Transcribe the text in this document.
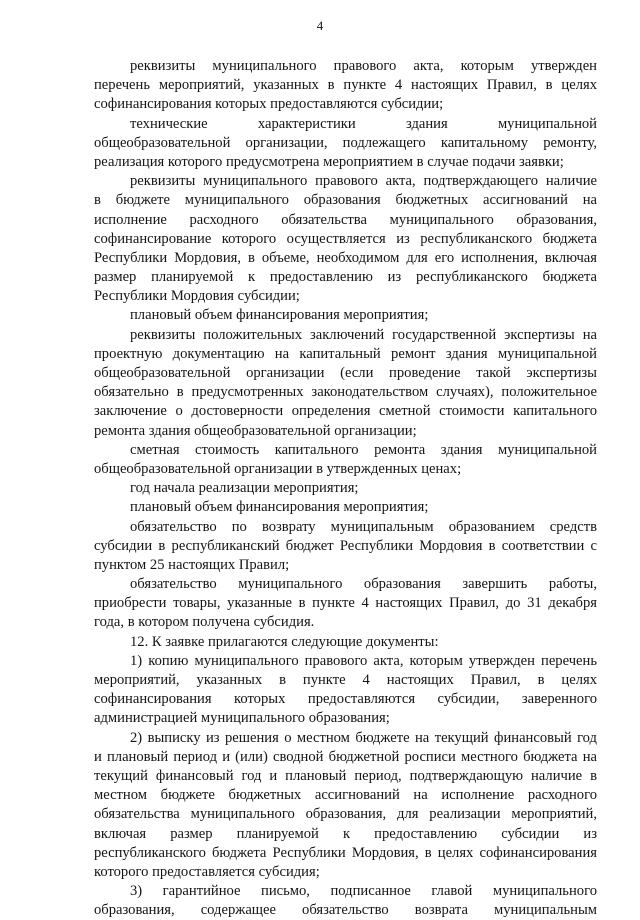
4
реквизиты муниципального правового акта, которым утвержден
перечень мероприятий, указанных в пункте 4 настоящих Правил, в целях
софинансирования которых предоставляются субсидии;
технические характеристики здания муниципальной
общеобразовательной организации, подлежащего капитальному ремонту,
реализация которого предусмотрена мероприятием в случае подачи заявки;
реквизиты муниципального правового акта, подтверждающего наличие
в бюджете муниципального образования бюджетных ассигнований на
исполнение расходного обязательства муниципального образования,
софинансирование которого осуществляется из республиканского бюджета
Республики Мордовия, в объеме, необходимом для его исполнения, включая
размер планируемой к предоставлению из республиканского бюджета
Республики Мордовия субсидии;
плановый объем финансирования мероприятия;
реквизиты положительных заключений государственной экспертизы на
проектную документацию на капитальный ремонт здания муниципальной
общеобразовательной организации (если проведение такой экспертизы
обязательно в предусмотренных законодательством случаях), положительное
заключение о достоверности определения сметной стоимости капитального
ремонта здания общеобразовательной организации;
сметная стоимость капитального ремонта здания муниципальной
общеобразовательной организации в утвержденных ценах;
год начала реализации мероприятия;
плановый объем финансирования мероприятия;
обязательство по возврату муниципальным образованием средств
субсидии в республиканский бюджет Республики Мордовия в соответствии с
пунктом 25 настоящих Правил;
обязательство муниципального образования завершить работы,
приобрести товары, указанные в пункте 4 настоящих Правил, до 31 декабря
года, в котором получена субсидия.
12. К заявке прилагаются следующие документы:
1) копию муниципального правового акта, которым утвержден перечень
мероприятий, указанных в пункте 4 настоящих Правил, в целях
софинансирования которых предоставляются субсидии, заверенного
администрацией муниципального образования;
2) выписку из решения о местном бюджете на текущий финансовый год
и плановый период и (или) сводной бюджетной росписи местного бюджета на
текущий финансовый год и плановый период, подтверждающую наличие в
местном бюджете бюджетных ассигнований на исполнение расходного
обязательства муниципального образования, для реализации мероприятий,
включая размер планируемой к предоставлению субсидии из
республиканского бюджета Республики Мордовия, в целях софинансирования
которого предоставляется субсидия;
3) гарантийное письмо, подписанное главой муниципального
образования, содержащее обязательство возврата муниципальным
